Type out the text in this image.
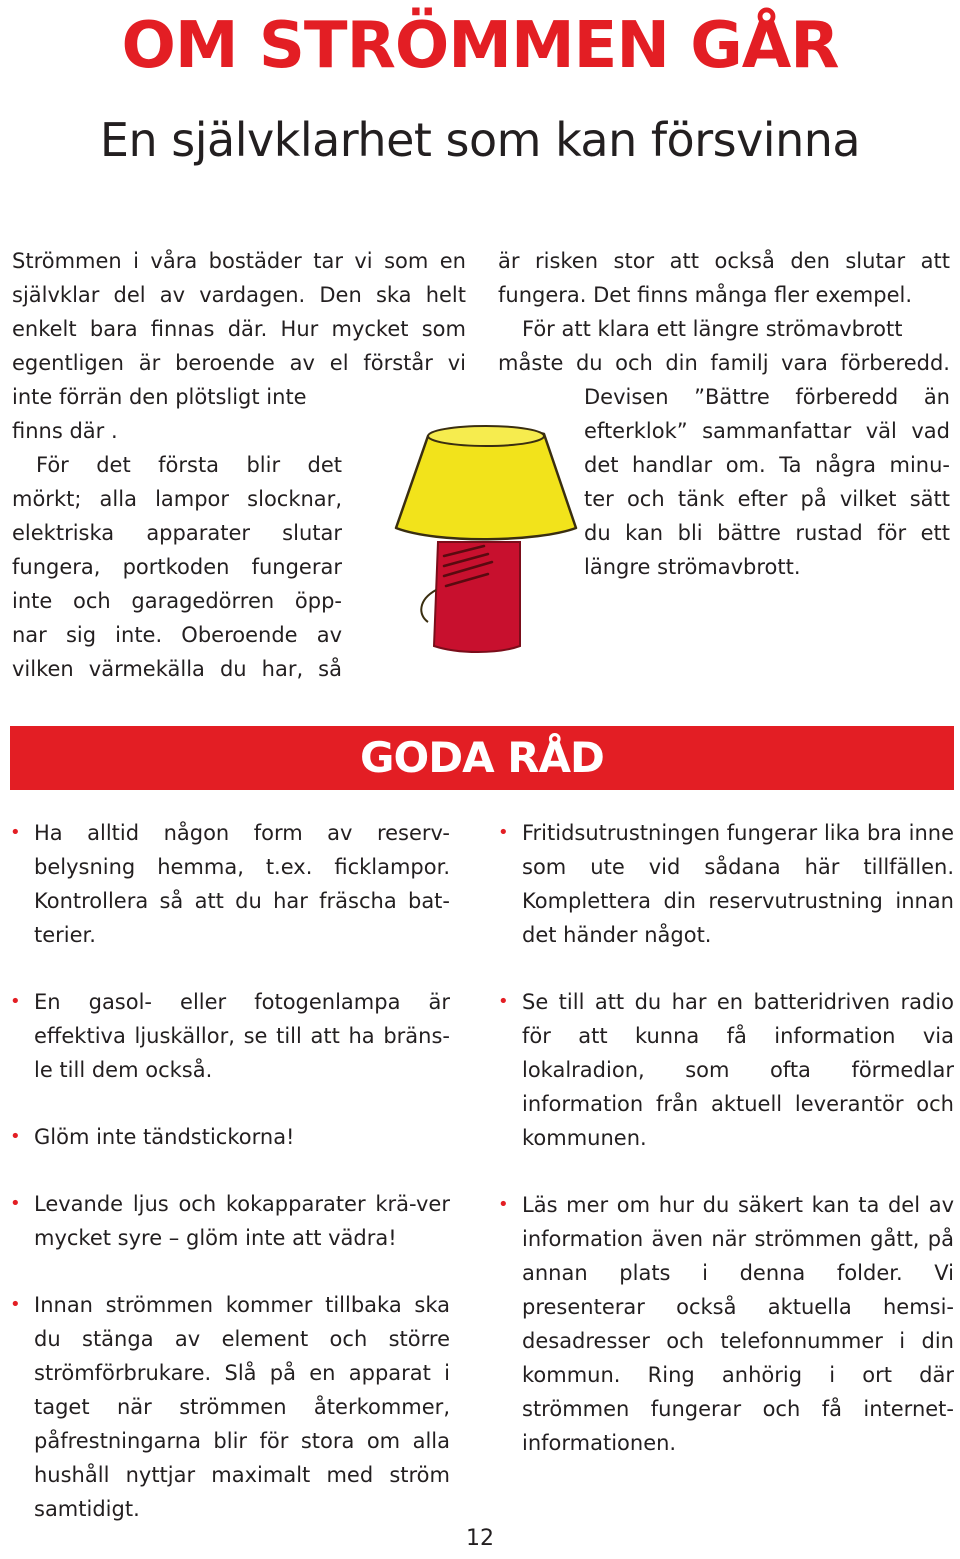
OM STRÖMMEN GÅR
En självklarhet som kan försvinna
Strömmen i våra bostäder tar vi som en
självklar del av vardagen. Den ska helt
enkelt bara finnas där. Hur mycket som
egentligen är beroende av el förstår vi
inte förrän den plötsligt inte
finns där .
För det första blir det
mörkt; alla lampor slocknar,
elektriska apparater slutar
fungera, portkoden fungerar
inte och garagedörren öpp-
nar sig inte. Oberoende av
vilken värmekälla du har, så
är risken stor att också den slutar att
fungera. Det finns många fler exempel.
För att klara ett längre strömavbrott
måste du och din familj vara förberedd.
Devisen ”Bättre förberedd än
efterklok” sammanfattar väl vad
det handlar om. Ta några minu-
ter och tänk efter på vilket sätt
du kan bli bättre rustad för ett
längre strömavbrott.
GODA RÅD
• Ha alltid någon form av reserv-belysning hemma, t.ex. ficklampor. Kontrollera så att du har fräscha bat-terier.
• En gasol- eller fotogenlampa är effektiva ljuskällor, se till att ha bräns-le till dem också.
• Glöm inte tändstickorna!
• Levande ljus och kokapparater krä-ver mycket syre – glöm inte att vädra!
• Innan strömmen kommer tillbaka ska du stänga av element och större strömförbrukare. Slå på en apparat i taget när strömmen återkommer, påfrestningarna blir för stora om alla hushåll nyttjar maximalt med ström samtidigt.
• Fritidsutrustningen fungerar lika bra inne som ute vid sådana här tillfällen. Komplettera din reservutrustning innan det händer något.
• Se till att du har en batteridriven radio för att kunna få information via lokalradion, som ofta förmedlar information från aktuell leverantör och kommunen.
• Läs mer om hur du säkert kan ta del av information även när strömmen gått, på annan plats i denna folder. Vi presenterar också aktuella hemsi-desadresser och telefonnummer i din kommun. Ring anhörig i ort där strömmen fungerar och få internet-informationen.
12
